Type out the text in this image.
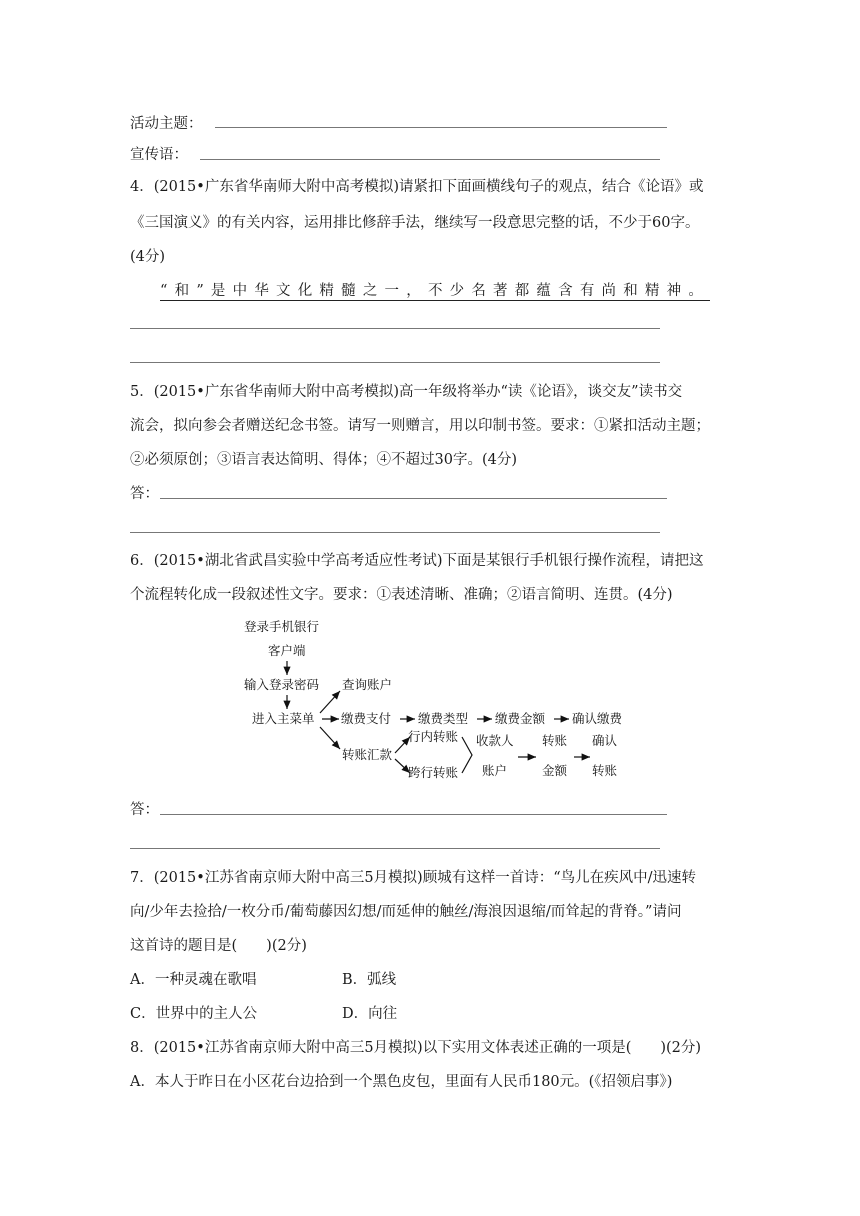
活动主题：
宣传语：
4．(2015•广东省华南师大附中高考模拟)请紧扣下面画横线句子的观点，结合《论语》或
《三国演义》的有关内容，运用排比修辞手法，继续写一段意思完整的话，不少于60字。
(4分)
“和”是中华文化精髓之一，不少名著都蕴含有尚和精神。
5．(2015•广东省华南师大附中高考模拟)高一年级将举办“读《论语》，谈交友”读书交
流会，拟向参会者赠送纪念书签。请写一则赠言，用以印制书签。要求：①紧扣活动主题；
②必须原创；③语言表达简明、得体；④不超过30字。(4分)
答：
6．(2015•湖北省武昌实验中学高考适应性考试)下面是某银行手机银行操作流程，请把这
个流程转化成一段叙述性文字。要求：①表述清晰、准确；②语言简明、连贯。(4分)
登录手机银行
客户端
输入登录密码
进入主菜单
查询账户
缴费支付 缴费类型 缴费金额 确认缴费
转账汇款
行内转账
跨行转账
收款人
账户
转账
金额
确认
转账
答：
7．(2015•江苏省南京师大附中高三5月模拟)顾城有这样一首诗：“鸟儿在疾风中/迅速转
向/少年去捡拾/一枚分币/葡萄藤因幻想/而延伸的触丝/海浪因退缩/而耸起的背脊。”请问
这首诗的题目是(　　)(2分)
A．一种灵魂在歌唱	B．弧线
C．世界中的主人公	D．向往
8．(2015•江苏省南京师大附中高三5月模拟)以下实用文体表述正确的一项是(　　)(2分)
A．本人于昨日在小区花台边拾到一个黑色皮包，里面有人民币180元。(《招领启事》)
